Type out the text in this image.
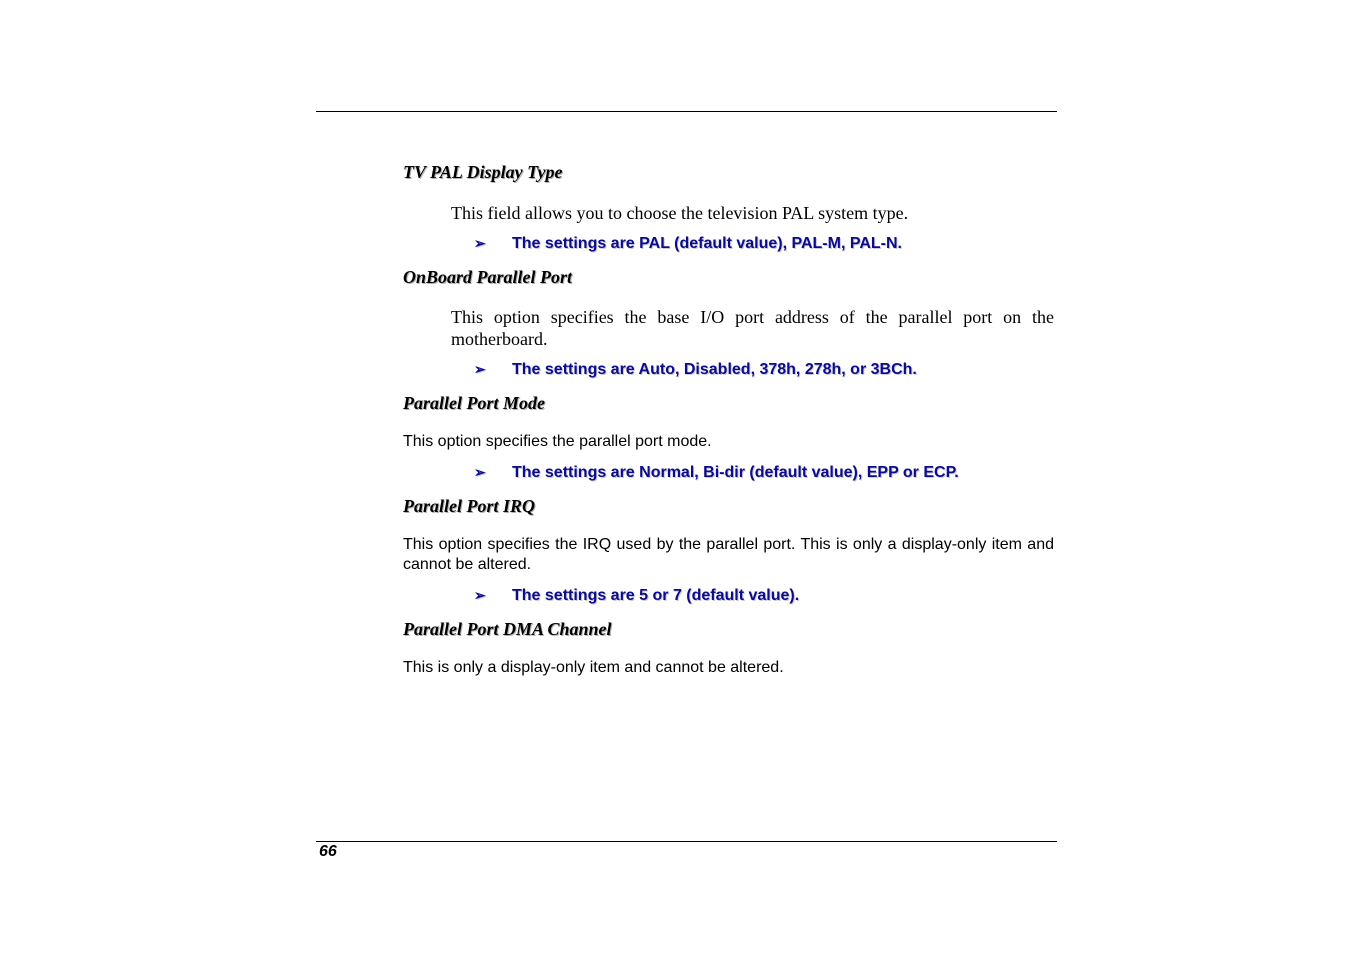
TV PAL Display Type

This field allows you to choose the television PAL system type.

➢ The settings are PAL (default value), PAL-M, PAL-N.

OnBoard Parallel Port

This option specifies the base I/O port address of the parallel port on the motherboard.

➢ The settings are Auto, Disabled, 378h, 278h, or 3BCh.

Parallel Port Mode

This option specifies the parallel port mode.

➢ The settings are Normal, Bi-dir (default value), EPP or ECP.

Parallel Port IRQ

This option specifies the IRQ used by the parallel port. This is only a display-only item and cannot be altered.

➢ The settings are 5 or 7 (default value).

Parallel Port DMA Channel

This is only a display-only item and cannot be altered.

66
